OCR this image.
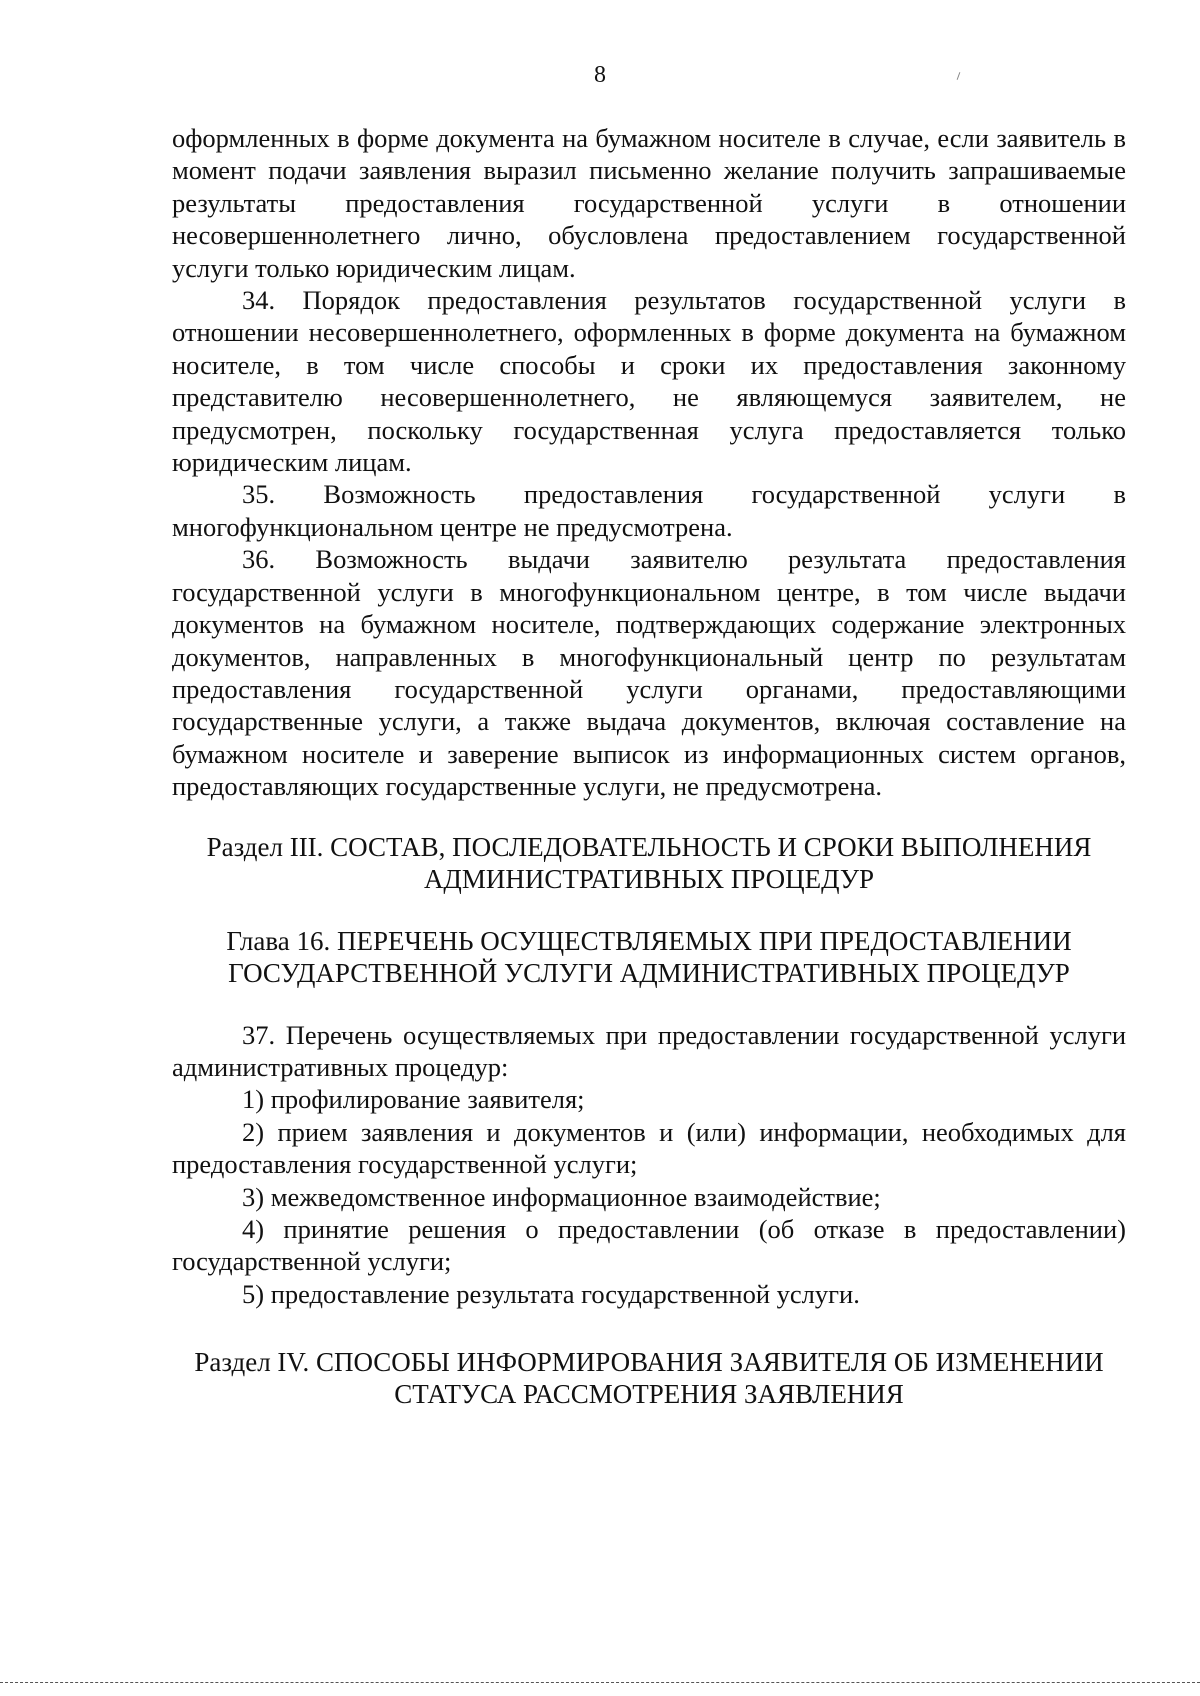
8

оформленных в форме документа на бумажном носителе в случае, если заявитель в момент подачи заявления выразил письменно желание получить запрашиваемые результаты предоставления государственной услуги в отношении несовершеннолетнего лично, обусловлена предоставлением государственной услуги только юридическим лицам.

34. Порядок предоставления результатов государственной услуги в отношении несовершеннолетнего, оформленных в форме документа на бумажном носителе, в том числе способы и сроки их предоставления законному представителю несовершеннолетнего, не являющемуся заявителем, не предусмотрен, поскольку государственная услуга предоставляется только юридическим лицам.

35. Возможность предоставления государственной услуги в многофункциональном центре не предусмотрена.

36. Возможность выдачи заявителю результата предоставления государственной услуги в многофункциональном центре, в том числе выдачи документов на бумажном носителе, подтверждающих содержание электронных документов, направленных в многофункциональный центр по результатам предоставления государственной услуги органами, предоставляющими государственные услуги, а также выдача документов, включая составление на бумажном носителе и заверение выписок из информационных систем органов, предоставляющих государственные услуги, не предусмотрена.

Раздел III. СОСТАВ, ПОСЛЕДОВАТЕЛЬНОСТЬ И СРОКИ ВЫПОЛНЕНИЯ
АДМИНИСТРАТИВНЫХ ПРОЦЕДУР

Глава 16. ПЕРЕЧЕНЬ ОСУЩЕСТВЛЯЕМЫХ ПРИ ПРЕДОСТАВЛЕНИИ
ГОСУДАРСТВЕННОЙ УСЛУГИ АДМИНИСТРАТИВНЫХ ПРОЦЕДУР

37. Перечень осуществляемых при предоставлении государственной услуги административных процедур:

1) профилирование заявителя;

2) прием заявления и документов и (или) информации, необходимых для предоставления государственной услуги;

3) межведомственное информационное взаимодействие;

4) принятие решения о предоставлении (об отказе в предоставлении) государственной услуги;

5) предоставление результата государственной услуги.

Раздел IV. СПОСОБЫ ИНФОРМИРОВАНИЯ ЗАЯВИТЕЛЯ ОБ ИЗМЕНЕНИИ
СТАТУСА РАССМОТРЕНИЯ ЗАЯВЛЕНИЯ
